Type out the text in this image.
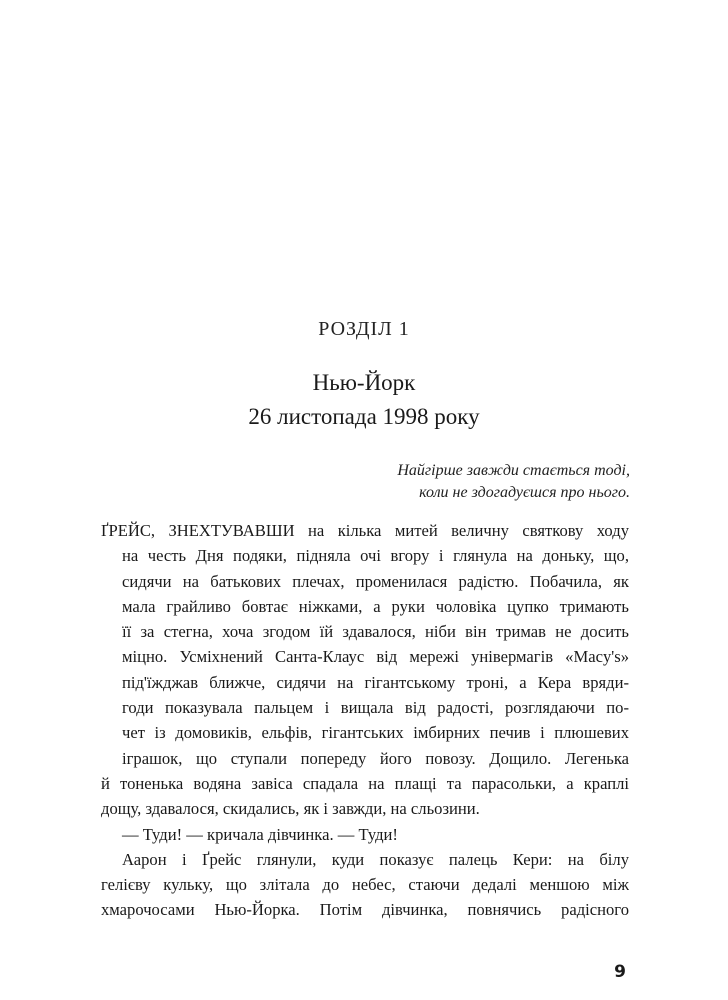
РОЗДІЛ 1
Нью-Йорк
26 листопада 1998 року
Найгірше завжди стається тоді,
коли не здогадуєшся про нього.
ҐРЕЙС, ЗНЕХТУВАВШИ на кілька митей величну святкову ходу
на честь Дня подяки, підняла очі вгору і глянула на доньку, що,
сидячи на батькових плечах, променилася радістю. Побачила, як
мала грайливо бовтає ніжками, а руки чоловіка цупко тримають
її за стегна, хоча згодом їй здавалося, ніби він тримав не досить
міцно. Усміхнений Санта-Клаус від мережі універмагів «Macy's»
під'їжджав ближче, сидячи на гігантському троні, а Кера вряди-
годи показувала пальцем і вищала від радості, розглядаючи по-
чет із домовиків, ельфів, гігантських імбирних печив і плюшевих
іграшок, що ступали попереду його повозу. Дощило. Легенька
й тоненька водяна завіса спадала на плащі та парасольки, а краплі
дощу, здавалося, скидались, як і завжди, на сльозини.
— Туди! — кричала дівчинка. — Туди!
Аарон і Ґрейс глянули, куди показує палець Кери: на білу
гелієву кульку, що злітала до небес, стаючи дедалі меншою між
хмарочосами Нью-Йорка. Потім дівчинка, повнячись радісного
9
